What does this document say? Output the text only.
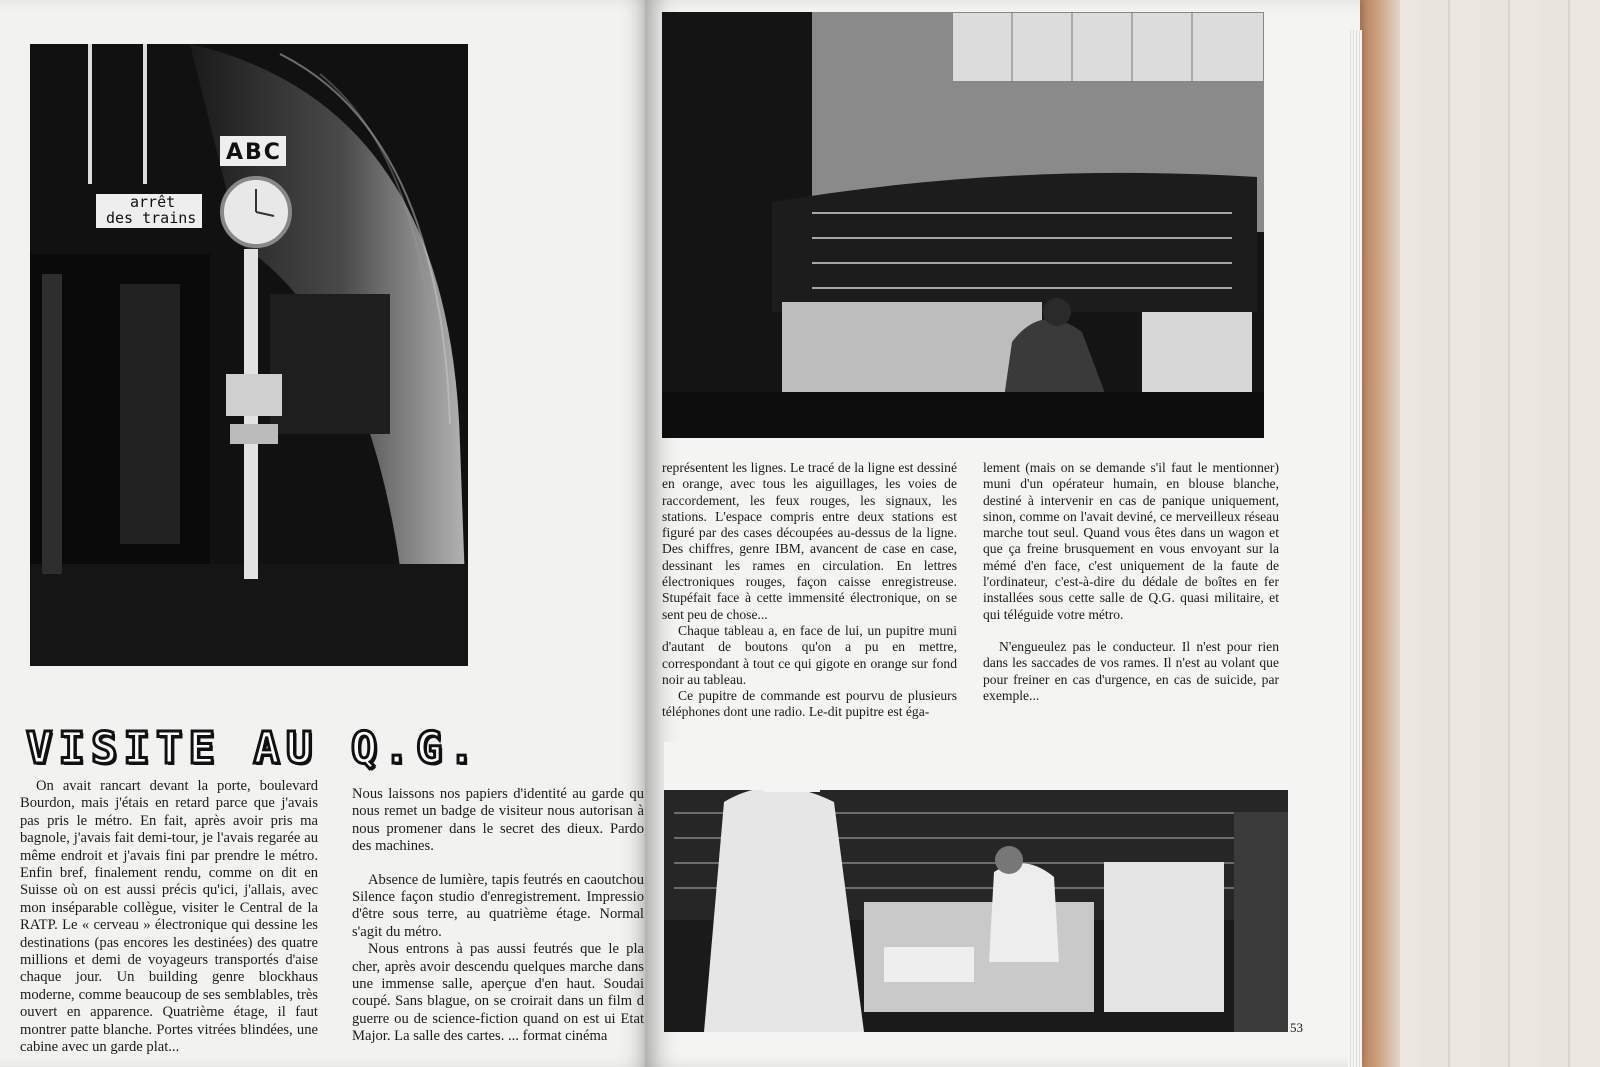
ABC
arrêt
des trains
VISITE AU Q.G.

On avait rancart devant la porte, boulevard Bourdon, mais j'étais en retard parce que j'avais pas pris le métro. En fait, après avoir pris ma bagnole, j'avais fait demi-tour, je l'avais regarée au même endroit et j'avais fini par prendre le métro. Enfin bref, finalement rendu, comme on dit en Suisse où on est aussi précis qu'ici, j'allais, avec mon inséparable collègue, visiter le Central de la RATP. Le « cerveau » électronique qui dessine les destinations (pas encores les destinées) des quatre millions et demi de voyageurs transportés d'aise chaque jour. Un building genre blockhaus moderne, comme beaucoup de ses semblables, très ouvert en apparence. Quatrième étage, il faut montrer patte blanche. Portes vitrées blindées, une cabine avec un garde plat...

Nous laissons nos papiers d'identité au garde qu nous remet un badge de visiteur nous autorisan à nous promener dans le secret des dieux. Pardo des machines.

Absence de lumière, tapis feutrés en caoutchou Silence façon studio d'enregistrement. Impressio d'être sous terre, au quatrième étage. Normal s'agit du métro.

Nous entrons à pas aussi feutrés que le pla cher, après avoir descendu quelques marche dans une immense salle, aperçue d'en haut. Soudai coupé. Sans blague, on se croirait dans un film d guerre ou de science-fiction quand on est ui Etat Major. La salle des cartes. ... format cinéma

représentent les lignes. Le tracé de la ligne est dessiné en orange, avec tous les aiguillages, les voies de raccordement, les feux rouges, les signaux, les stations. L'espace compris entre deux stations est figuré par des cases découpées au-dessus de la ligne. Des chiffres, genre IBM, avancent de case en case, dessinant les rames en circulation. En lettres électroniques rouges, façon caisse enregistreuse. Stupéfait face à cette immensité électronique, on se sent peu de chose...

Chaque tableau a, en face de lui, un pupitre muni d'autant de boutons qu'on a pu en mettre, correspondant à tout ce qui gigote en orange sur fond noir au tableau.

Ce pupitre de commande est pourvu de plusieurs téléphones dont une radio. Le-dit pupitre est éga-

lement (mais on se demande s'il faut le mentionner) muni d'un opérateur humain, en blouse blanche, destiné à intervenir en cas de panique uniquement, sinon, comme on l'avait deviné, ce merveilleux réseau marche tout seul. Quand vous êtes dans un wagon et que ça freine brusquement en vous envoyant sur la mémé d'en face, c'est uniquement de la faute de l'ordinateur, c'est-à-dire du dédale de boîtes en fer installées sous cette salle de Q.G. quasi militaire, et qui téléguide votre métro.

N'engueulez pas le conducteur. Il n'est pour rien dans les saccades de vos rames. Il n'est au volant que pour freiner en cas d'urgence, en cas de suicide, par exemple...

53
